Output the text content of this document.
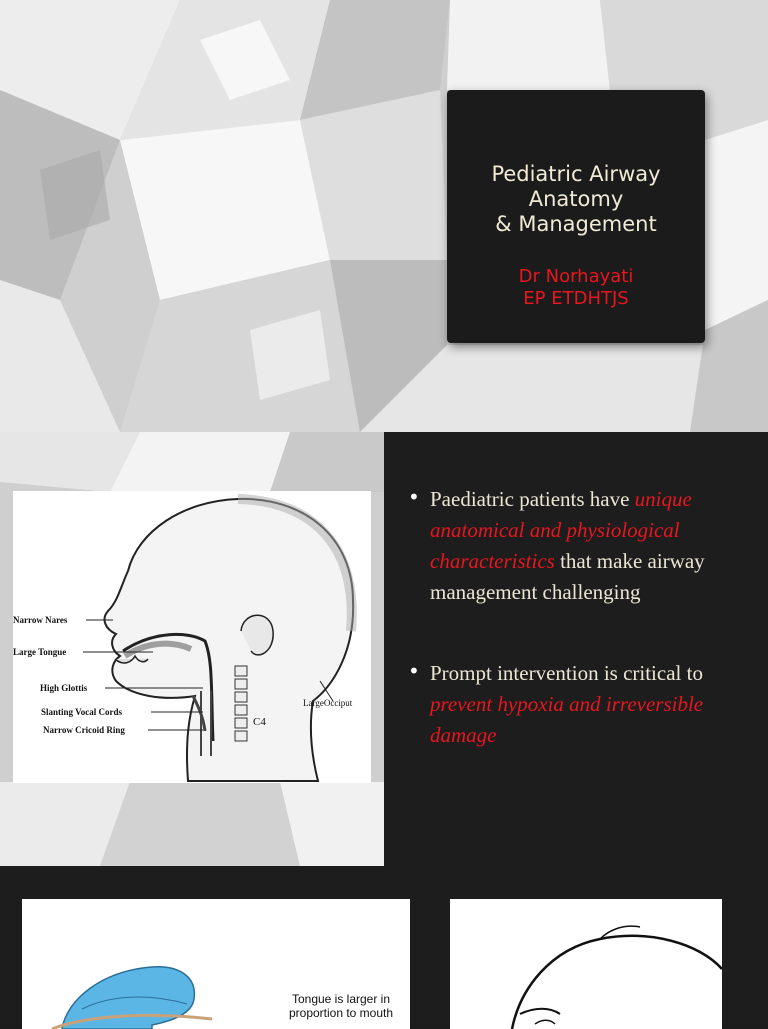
Pediatric Airway
Anatomy
& Management
Dr Norhayati
EP ETDHTJS
Narrow Nares
Large Tongue
High Glottis
Slanting Vocal Cords
Narrow Cricoid Ring
LargeOcciput
C4
• Paediatric patients have unique anatomical and physiological characteristics that make airway management challenging
• Prompt intervention is critical to prevent hypoxia and irreversible damage
Tongue is larger in proportion to mouth
